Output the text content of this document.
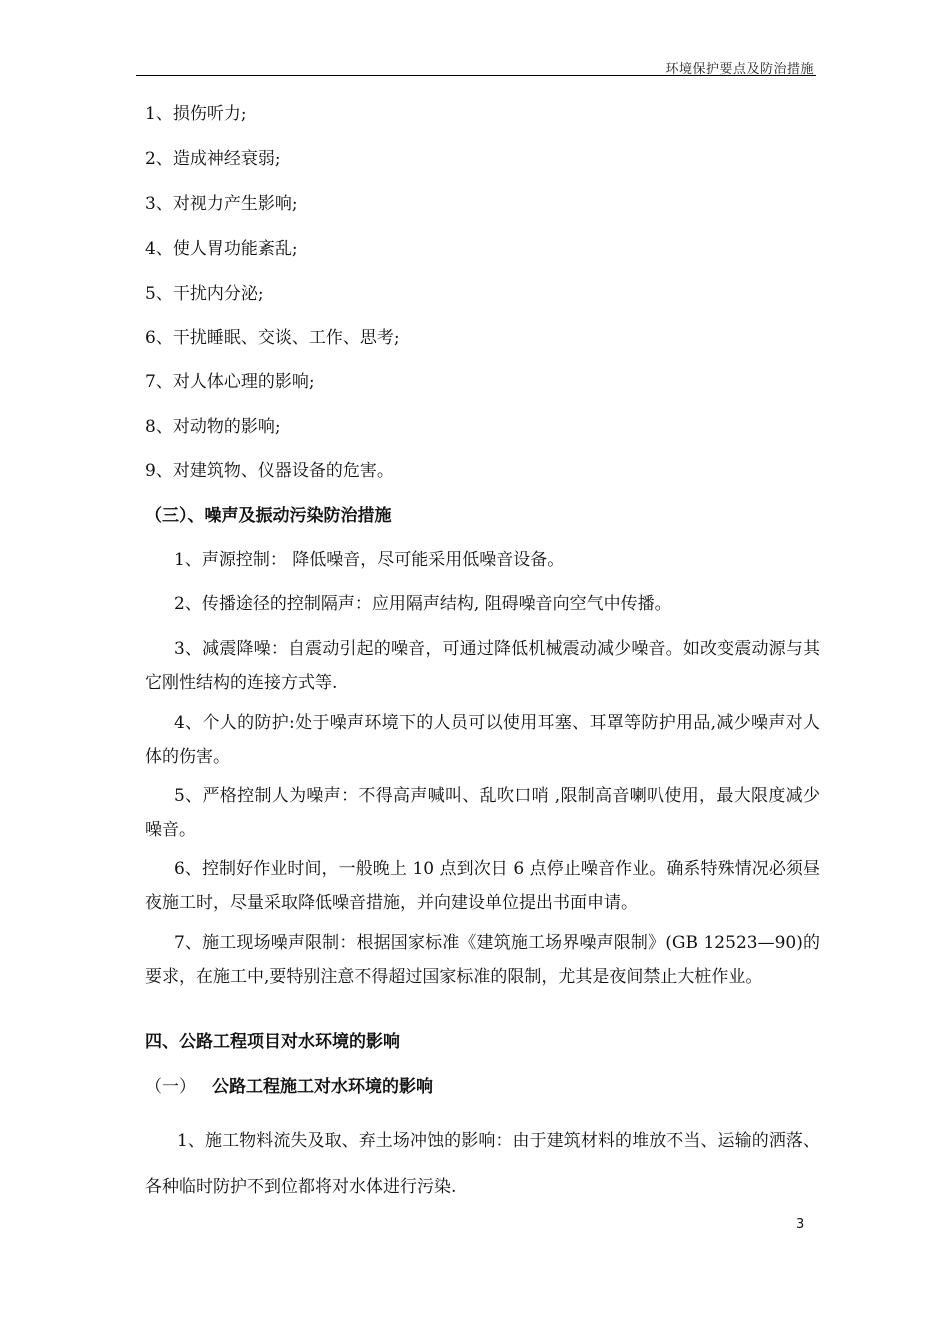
环境保护要点及防治措施
1、损伤听力;
2、造成神经衰弱;
3、对视力产生影响;
4、使人胃功能紊乱;
5、干扰内分泌;
6、干扰睡眠、交谈、工作、思考;
7、对人体心理的影响;
8、对动物的影响;
9、对建筑物、仪器设备的危害。
（三）、噪声及振动污染防治措施
1、声源控制： 降低噪音，尽可能采用低噪音设备。
2、传播途径的控制隔声：应用隔声结构, 阻碍噪音向空气中传播。
3、减震降噪：自震动引起的噪音，可通过降低机械震动减少噪音。如改变震动源与其它刚性结构的连接方式等.
4、个人的防护:处于噪声环境下的人员可以使用耳塞、耳罩等防护用品,减少噪声对人体的伤害。
5、严格控制人为噪声：不得高声喊叫、乱吹口哨 ,限制高音喇叭使用，最大限度减少噪音。
6、控制好作业时间，一般晚上 10 点到次日 6 点停止噪音作业。确系特殊情况必须昼夜施工时，尽量采取降低噪音措施，并向建设单位提出书面申请。
7、施工现场噪声限制：根据国家标准《建筑施工场界噪声限制》(GB 12523—90)的要求，在施工中,要特别注意不得超过国家标准的限制，尤其是夜间禁止大桩作业。
四、公路工程项目对水环境的影响
（一） 公路工程施工对水环境的影响
1、施工物料流失及取、弃土场冲蚀的影响：由于建筑材料的堆放不当、运输的洒落、各种临时防护不到位都将对水体进行污染.
3
